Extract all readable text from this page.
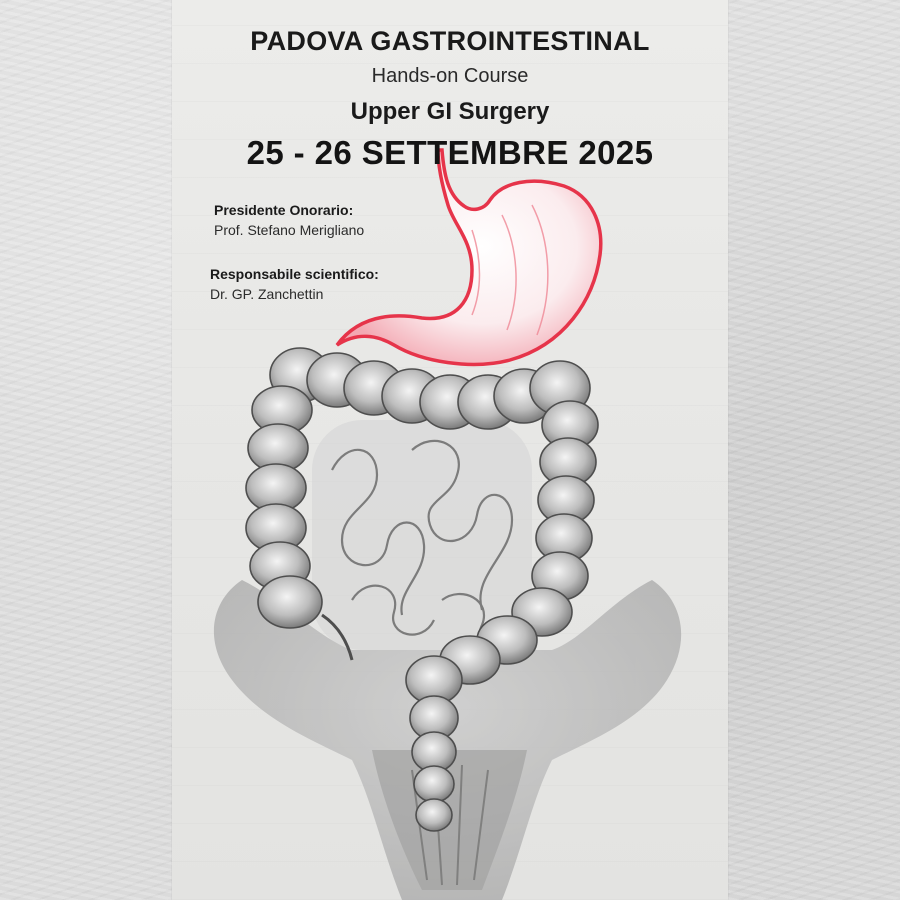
PADOVA GASTROINTESTINAL
Hands-on Course
Upper GI Surgery
25 - 26 SETTEMBRE 2025
Presidente Onorario:
Prof. Stefano Merigliano
Responsabile scientifico:
Dr. GP. Zanchettin
